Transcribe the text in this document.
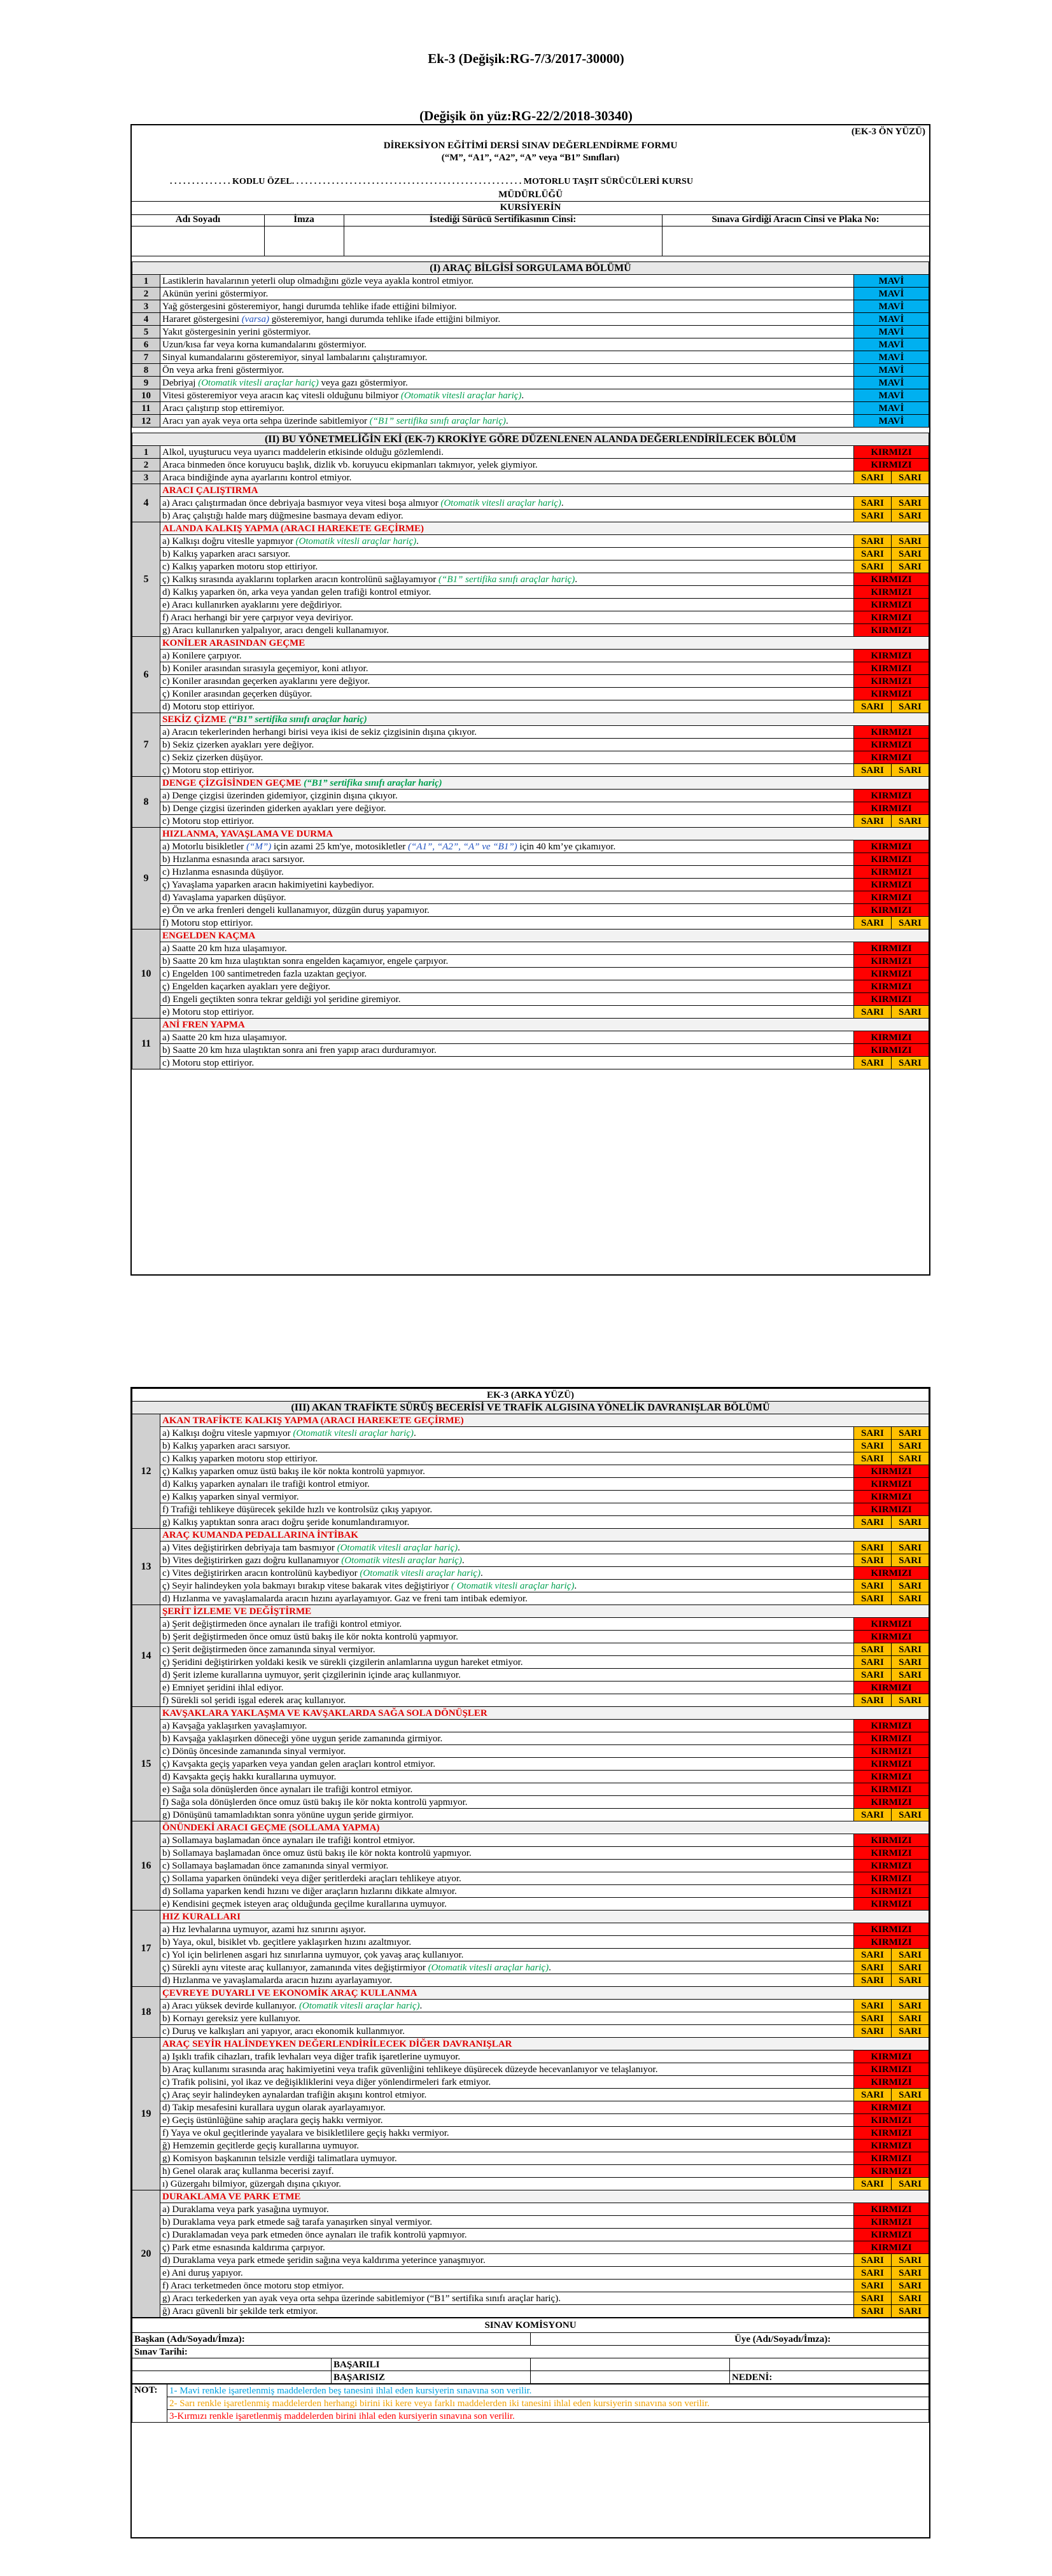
Ek-3 (Değişik:RG-7/3/2017-30000)
(Değişik ön yüz:RG-22/2/2018-30340)
(EK-3 ÖN YÜZÜ)
DİREKSİYON EĞİTİMİ DERSİ SINAV DEĞERLENDİRME FORMU
(“M”, “A1”, “A2”, “A” veya “B1” Sınıfları)
. . . . . . . . . . . . . . KODLU ÖZEL. . . . . . . . . . . . . . . . . . . . . . . . . . . . . . . . . . . . . . . . . . . . . . . . . . . . MOTORLU TAŞIT SÜRÜCÜLERİ KURSU
MÜDÜRLÜĞÜ
KURSİYERİN
Adı Soyadı	İmza	İstediği Sürücü Sertifikasının Cinsi:	Sınava Girdiği Aracın Cinsi ve Plaka No:
(I) ARAÇ BİLGİSİ SORGULAMA BÖLÜMÜ			
1	Lastiklerin havalarının yeterli olup olmadığını gözle veya ayakla kontrol etmiyor.	MAVİ	
2	Akünün yerini göstermiyor.	MAVİ	
3	Yağ göstergesini gösteremiyor, hangi durumda tehlike ifade ettiğini bilmiyor.	MAVİ	
4	Hararet göstergesini (varsa) gösteremiyor, hangi durumda tehlike ifade ettiğini bilmiyor.	MAVİ	
5	Yakıt göstergesinin yerini göstermiyor.	MAVİ	
6	Uzun/kısa far veya korna kumandalarını göstermiyor.	MAVİ	
7	Sinyal kumandalarını gösteremiyor, sinyal lambalarını çalıştıramıyor.	MAVİ	
8	Ön veya arka freni göstermiyor.	MAVİ	
9	Debriyaj (Otomatik vitesli araçlar hariç) veya gazı göstermiyor.	MAVİ	
10	Vitesi gösteremiyor veya aracın kaç vitesli olduğunu bilmiyor (Otomatik vitesli araçlar hariç).	MAVİ	
11	Aracı çalıştırıp stop ettiremiyor.	MAVİ	
12	Aracı yan ayak veya orta sehpa üzerinde sabitlemiyor (“B1” sertifika sınıfı araçlar hariç).	MAVİ	

(II) BU YÖNETMELİĞİN EKİ (EK-7) KROKİYE GÖRE DÜZENLENEN ALANDA DEĞERLENDİRİLECEK BÖLÜM			
1	Alkol, uyuşturucu veya uyarıcı maddelerin etkisinde olduğu gözlemlendi.	KIRMIZI	
2	Araca binmeden önce koruyucu başlık, dizlik vb. koruyucu ekipmanları takmıyor, yelek giymiyor.	KIRMIZI	
3	Araca bindiğinde ayna ayarlarını kontrol etmiyor.	SARI	SARI
4	ARACI ÇALIŞTIRMA		
	a) Aracı çalıştırmadan önce debriyaja basmıyor veya vitesi boşa almıyor (Otomatik vitesli araçlar hariç).	SARI	SARI
	b) Araç çalıştığı halde marş düğmesine basmaya devam ediyor.	SARI	SARI
5	ALANDA KALKIŞ YAPMA (ARACI HAREKETE GEÇİRME)		
	a) Kalkışı doğru viteslle yapmıyor (Otomatik vitesli araçlar hariç).	SARI	SARI
	b) Kalkış yaparken aracı sarsıyor.	SARI	SARI
	c) Kalkış yaparken motoru stop ettiriyor.	SARI	SARI
	ç) Kalkış sırasında ayaklarını toplarken aracın kontrolünü sağlayamıyor (“B1” sertifika sınıfı araçlar hariç).	KIRMIZI	
	d) Kalkış yaparken ön, arka veya yandan gelen trafiği kontrol etmiyor.	KIRMIZI	
	e) Aracı kullanırken ayaklarını yere değdiriyor.	KIRMIZI	
	f) Aracı herhangi bir yere çarpıyor veya deviriyor.	KIRMIZI	
	g) Aracı kullanırken yalpalıyor, aracı dengeli kullanamıyor.	KIRMIZI	
6	KONİLER ARASINDAN GEÇME		
	a) Konilere çarpıyor.	KIRMIZI	
	b) Koniler arasından sırasıyla geçemiyor, koni atlıyor.	KIRMIZI	
	c) Koniler arasından geçerken ayaklarını yere değiyor.	KIRMIZI	
	ç) Koniler arasından geçerken düşüyor.	KIRMIZI	
	d) Motoru stop ettiriyor.	SARI	SARI
7	SEKİZ ÇİZME (“B1” sertifika sınıfı araçlar hariç)		
	a) Aracın tekerlerinden herhangi birisi veya ikisi de sekiz çizgisinin dışına çıkıyor.	KIRMIZI	
	b) Sekiz çizerken ayakları yere değiyor.	KIRMIZI	
	c) Sekiz çizerken düşüyor.	KIRMIZI	
	ç) Motoru stop ettiriyor.	SARI	SARI
8	DENGE ÇİZGİSİNDEN GEÇME (“B1” sertifika sınıfı araçlar hariç)		
	a) Denge çizgisi üzerinden gidemiyor, çizginin dışına çıkıyor.	KIRMIZI	
	b) Denge çizgisi üzerinden giderken ayakları yere değiyor.	KIRMIZI	
	c) Motoru stop ettiriyor.	SARI	SARI
9	HIZLANMA, YAVAŞLAMA VE DURMA		
	a) Motorlu bisikletler (“M”) için azami 25 km'ye, motosikletler (“A1”, “A2”, “A” ve “B1”) için 40 km’ye çıkamıyor.	KIRMIZI	
	b) Hızlanma esnasında aracı sarsıyor.	KIRMIZI	
	c) Hızlanma esnasında düşüyor.	KIRMIZI	
	ç) Yavaşlama yaparken aracın hakimiyetini kaybediyor.	KIRMIZI	
	d) Yavaşlama yaparken düşüyor.	KIRMIZI	
	e) Ön ve arka frenleri dengeli kullanamıyor, düzgün duruş yapamıyor.	KIRMIZI	
	f) Motoru stop ettiriyor.	SARI	SARI
10	ENGELDEN KAÇMA		
	a) Saatte 20 km hıza ulaşamıyor.	KIRMIZI	
	b) Saatte 20 km hıza ulaştıktan sonra engelden kaçamıyor, engele çarpıyor.	KIRMIZI	
	c) Engelden 100 santimetreden fazla uzaktan geçiyor.	KIRMIZI	
	ç) Engelden kaçarken ayakları yere değiyor.	KIRMIZI	
	d) Engeli geçtikten sonra tekrar geldiği yol şeridine giremiyor.	KIRMIZI	
	e) Motoru stop ettiriyor.	SARI	SARI
11	ANİ FREN YAPMA		
	a) Saatte 20 km hıza ulaşamıyor.	KIRMIZI	
	b) Saatte 20 km hıza ulaştıktan sonra ani fren yapıp aracı durduramıyor.	KIRMIZI	
	c) Motoru stop ettiriyor.	SARI	SARI
EK-3 (ARKA YÜZÜ)			
(III) AKAN TRAFİKTE SÜRÜŞ BECERİSİ VE TRAFİK ALGISINA YÖNELİK DAVRANIŞLAR BÖLÜMÜ			
12	AKAN TRAFİKTE KALKIŞ YAPMA (ARACI HAREKETE GEÇİRME)		
	a) Kalkışı doğru vitesle yapmıyor (Otomatik vitesli araçlar hariç).	SARI	SARI
	b) Kalkış yaparken aracı sarsıyor.	SARI	SARI
	c) Kalkış yaparken motoru stop ettiriyor.	SARI	SARI
	ç) Kalkış yaparken omuz üstü bakış ile kör nokta kontrolü yapmıyor.	KIRMIZI	
	d) Kalkış yaparken aynaları ile trafiği kontrol etmiyor.	KIRMIZI	
	e) Kalkış yaparken sinyal vermiyor.	KIRMIZI	
	f) Trafiği tehlikeye düşürecek şekilde hızlı ve kontrolsüz çıkış yapıyor.	KIRMIZI	
	g) Kalkış yaptıktan sonra aracı doğru şeride konumlandıramıyor.	SARI	SARI
13	ARAÇ KUMANDA PEDALLARINA İNTİBAK		
	a) Vites değiştirirken debriyaja tam basmıyor (Otomatik vitesli araçlar hariç).	SARI	SARI
	b) Vites değiştirirken gazı doğru kullanamıyor (Otomatik vitesli araçlar hariç).	SARI	SARI
	c) Vites değiştirirken aracın kontrolünü kaybediyor (Otomatik vitesli araçlar hariç).	KIRMIZI	
	ç) Seyir halindeyken yola bakmayı bırakıp vitese bakarak vites değiştiriyor ( Otomatik vitesli araçlar hariç).	SARI	SARI
	d) Hızlanma ve yavaşlamalarda aracın hızını ayarlayamıyor. Gaz ve freni tam intibak edemiyor.	SARI	SARI
14	ŞERİT İZLEME VE DEĞİŞTİRME		
	a) Şerit değiştirmeden önce aynaları ile trafiği kontrol etmiyor.	KIRMIZI	
	b) Şerit değiştirmeden önce omuz üstü bakış ile kör nokta kontrolü yapmıyor.	KIRMIZI	
	c) Şerit değiştirmeden önce zamanında sinyal vermiyor.	SARI	SARI
	ç) Şeridini değiştirirken yoldaki kesik ve sürekli çizgilerin anlamlarına uygun hareket etmiyor.	SARI	SARI
	d) Şerit izleme kurallarına uymuyor, şerit çizgilerinin içinde araç kullanmıyor.	SARI	SARI
	e) Emniyet şeridini ihlal ediyor.	KIRMIZI	
	f) Sürekli sol şeridi işgal ederek araç kullanıyor.	SARI	SARI
15	KAVŞAKLARA YAKLAŞMA VE KAVŞAKLARDA SAĞA SOLA DÖNÜŞLER		
	a) Kavşağa yaklaşırken yavaşlamıyor.	KIRMIZI	
	b) Kavşağa yaklaşırken döneceği yöne uygun şeride zamanında girmiyor.	KIRMIZI	
	c) Dönüş öncesinde zamanında sinyal vermiyor.	KIRMIZI	
	ç) Kavşakta geçiş yaparken veya yandan gelen araçları kontrol etmiyor.	KIRMIZI	
	d) Kavşakta geçiş hakkı kurallarına uymuyor.	KIRMIZI	
	e) Sağa sola dönüşlerden önce aynaları ile trafiği kontrol etmiyor.	KIRMIZI	
	f) Sağa sola dönüşlerden önce omuz üstü bakış ile kör nokta kontrolü yapmıyor.	KIRMIZI	
	g) Dönüşünü tamamladıktan sonra yönüne uygun şeride girmiyor.	SARI	SARI
16	ÖNÜNDEKİ ARACI GEÇME (SOLLAMA YAPMA)		
	a) Sollamaya başlamadan önce aynaları ile trafiği kontrol etmiyor.	KIRMIZI	
	b) Sollamaya başlamadan önce omuz üstü bakış ile kör nokta kontrolü yapmıyor.	KIRMIZI	
	c) Sollamaya başlamadan önce zamanında sinyal vermiyor.	KIRMIZI	
	ç) Sollama yaparken önündeki veya diğer şeritlerdeki araçları tehlikeye atıyor.	KIRMIZI	
	d) Sollama yaparken kendi hızını ve diğer araçların hızlarını dikkate almıyor.	KIRMIZI	
	e) Kendisini geçmek isteyen araç olduğunda geçilme kurallarına uymuyor.	KIRMIZI	
17	HIZ KURALLARI		
	a) Hız levhalarına uymuyor, azami hız sınırını aşıyor.	KIRMIZI	
	b) Yaya, okul, bisiklet vb. geçitlere yaklaşırken hızını azaltmıyor.	KIRMIZI	
	c) Yol için belirlenen asgari hız sınırlarına uymuyor, çok yavaş araç kullanıyor.	SARI	SARI
	ç) Sürekli aynı viteste araç kullanıyor, zamanında vites değiştirmiyor (Otomatik vitesli araçlar hariç).	SARI	SARI
	d) Hızlanma ve yavaşlamalarda aracın hızını ayarlayamıyor.	SARI	SARI
18	ÇEVREYE DUYARLI VE EKONOMİK ARAÇ KULLANMA		
	a) Aracı yüksek devirde kullanıyor. (Otomatik vitesli araçlar hariç).	SARI	SARI
	b) Kornayı gereksiz yere kullanıyor.	SARI	SARI
	c) Duruş ve kalkışları ani yapıyor, aracı ekonomik kullanmıyor.	SARI	SARI
19	ARAÇ SEYİR HALİNDEYKEN DEĞERLENDİRİLECEK DİĞER DAVRANIŞLAR		
	a) Işıklı trafik cihazları, trafik levhaları veya diğer trafik işaretlerine uymuyor.	KIRMIZI	
	b) Araç kullanımı sırasında araç hakimiyetini veya trafik güvenliğini tehlikeye düşürecek düzeyde hecevanlanıyor ve telaşlanıyor.	KIRMIZI	
	c) Trafik polisini, yol ikaz ve değişikliklerini veya diğer yönlendirmeleri fark etmiyor.	KIRMIZI	
	ç) Araç seyir halindeyken aynalardan trafiğin akışını kontrol etmiyor.	SARI	SARI
	d) Takip mesafesini kurallara uygun olarak ayarlayamıyor.	KIRMIZI	
	e) Geçiş üstünlüğüne sahip araçlara geçiş hakkı vermiyor.	KIRMIZI	
	f) Yaya ve okul geçitlerinde yayalara ve bisikletlilere geçiş hakkı vermiyor.	KIRMIZI	
	ğ) Hemzemin geçitlerde geçiş kurallarına uymuyor.	KIRMIZI	
	g) Komisyon başkanının telsizle verdiği talimatlara uymuyor.	KIRMIZI	
	h) Genel olarak araç kullanma becerisi zayıf.	KIRMIZI	
	ı) Güzergahı bilmiyor, güzergah dışına çıkıyor.	SARI	SARI
20	DURAKLAMA VE PARK ETME		
	a) Duraklama veya park yasağına uymuyor.	KIRMIZI	
	b) Duraklama veya park etmede sağ tarafa yanaşırken sinyal vermiyor.	KIRMIZI	
	c) Duraklamadan veya park etmeden önce aynaları ile trafik kontrolü yapmıyor.	KIRMIZI	
	ç) Park etme esnasında kaldırıma çarpıyor.	KIRMIZI	
	d) Duraklama veya park etmede şeridin sağına veya kaldırıma yeterince yanaşmıyor.	SARI	SARI
	e) Ani duruş yapıyor.	SARI	SARI
	f) Aracı terketmeden önce motoru stop etmiyor.	SARI	SARI
	g) Aracı terkederken yan ayak veya orta sehpa üzerinde sabitlemiyor (“B1” sertifika sınıfı araçlar hariç).	SARI	SARI
	ğ) Aracı güvenli bir şekilde terk etmiyor.	SARI	SARI
SINAV KOMİSYONU			
Başkan (Adı/Soyadı/İmza):		Üye (Adı/Soyadı/İmza):	
Sınav Tarihi:			
	BAŞARILI		
	BAŞARISIZ		NEDENİ:
NOT:	1- Mavi renkle işaretlenmiş maddelerden beş tanesini ihlal eden kursiyerin sınavına son verilir.
2- Sarı renkle işaretlenmiş maddelerden herhangi birini iki kere veya farklı maddelerden iki tanesini ihlal eden kursiyerin sınavına son verilir.
3-Kırmızı renkle işaretlenmiş maddelerden birini ihlal eden kursiyerin sınavına son verilir.
